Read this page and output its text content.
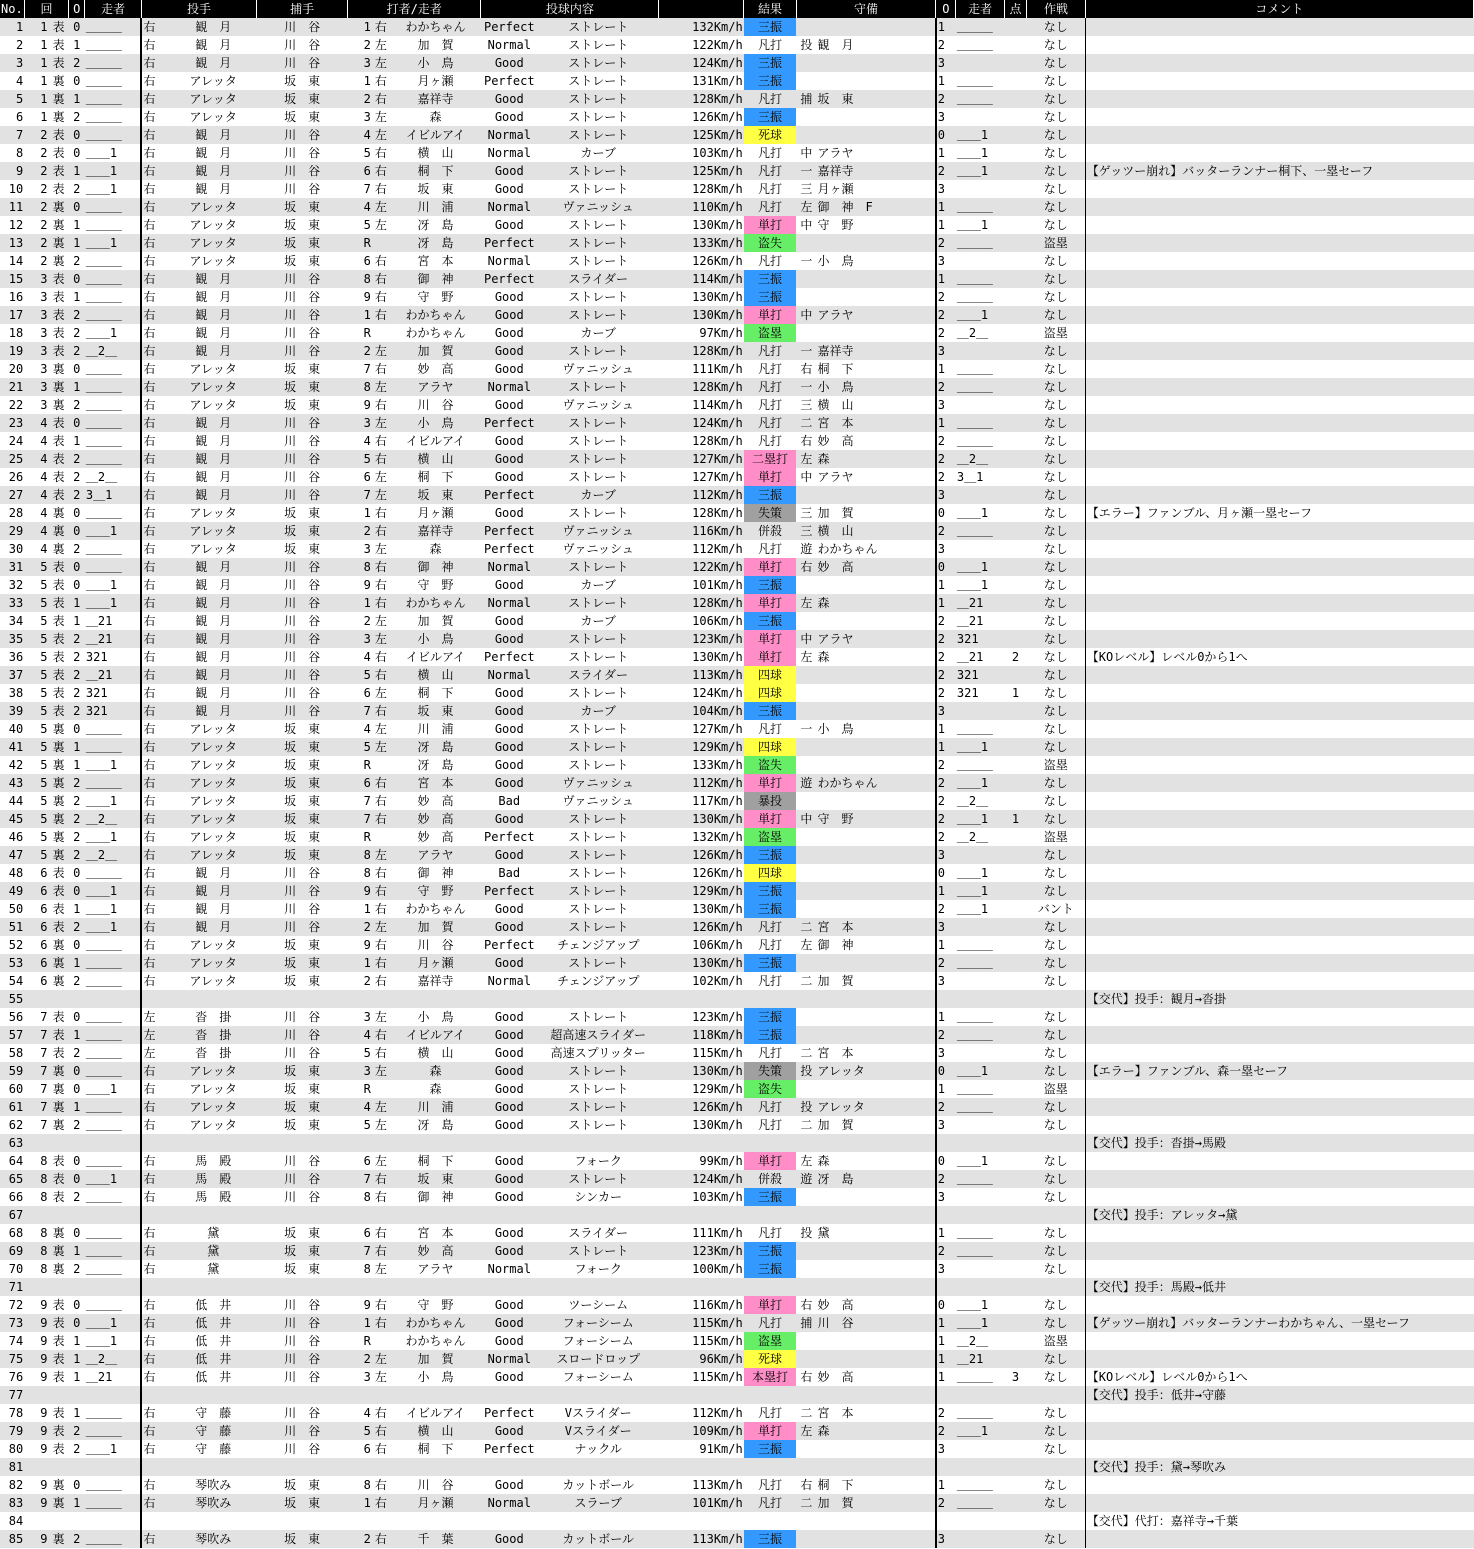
No.	回		O	走者	投手		捕手	打者/走者			投球内容			結果	守備		O	走者	点	作戦	コメント
1	1	表	0	＿＿＿	右	観　月	川　谷	1	右	わかちゃん	Perfect	ストレート	132Km/h	三振			1	＿＿＿		なし	
2	1	表	1	＿＿＿	右	観　月	川　谷	2	左	加　賀	Normal	ストレート	122Km/h	凡打	投	観　月	2	＿＿＿		なし	
3	1	表	2	＿＿＿	右	観　月	川　谷	3	左	小　鳥	Good	ストレート	124Km/h	三振			3			なし	
4	1	裏	0	＿＿＿	右	アレッタ	坂　東	1	右	月ヶ瀬	Perfect	ストレート	131Km/h	三振			1	＿＿＿		なし	
5	1	裏	1	＿＿＿	右	アレッタ	坂　東	2	右	嘉祥寺	Good	ストレート	128Km/h	凡打	捕	坂　東	2	＿＿＿		なし	
6	1	裏	2	＿＿＿	右	アレッタ	坂　東	3	左	森	Good	ストレート	126Km/h	三振			3			なし	
7	2	表	0	＿＿＿	右	観　月	川　谷	4	左	イビルアイ	Normal	ストレート	125Km/h	死球			0	＿＿1		なし	
8	2	表	0	＿＿1	右	観　月	川　谷	5	右	横　山	Normal	カーブ	103Km/h	凡打	中	アラヤ	1	＿＿1		なし	
9	2	表	1	＿＿1	右	観　月	川　谷	6	右	桐　下	Good	ストレート	125Km/h	凡打	一	嘉祥寺	2	＿＿1		なし	【ゲッツー崩れ】バッターランナー桐下、一塁セーフ
10	2	表	2	＿＿1	右	観　月	川　谷	7	右	坂　東	Good	ストレート	128Km/h	凡打	三	月ヶ瀬	3			なし	
11	2	裏	0	＿＿＿	右	アレッタ	坂　東	4	左	川　浦	Normal	ヴァニッシュ	110Km/h	凡打	左	御　神　F	1	＿＿＿		なし	
12	2	裏	1	＿＿＿	右	アレッタ	坂　東	5	左	冴　島	Good	ストレート	130Km/h	単打	中	守　野	1	＿＿1		なし	
13	2	裏	1	＿＿1	右	アレッタ	坂　東	R		冴　島	Perfect	ストレート	133Km/h	盗失			2	＿＿＿		盗塁	
14	2	裏	2	＿＿＿	右	アレッタ	坂　東	6	右	宮　本	Normal	ストレート	126Km/h	凡打	一	小　鳥	3			なし	
15	3	表	0	＿＿＿	右	観　月	川　谷	8	右	御　神	Perfect	スライダー	114Km/h	三振			1	＿＿＿		なし	
16	3	表	1	＿＿＿	右	観　月	川　谷	9	右	守　野	Good	ストレート	130Km/h	三振			2	＿＿＿		なし	
17	3	表	2	＿＿＿	右	観　月	川　谷	1	右	わかちゃん	Good	ストレート	130Km/h	単打	中	アラヤ	2	＿＿1		なし	
18	3	表	2	＿＿1	右	観　月	川　谷	R		わかちゃん	Good	カーブ	97Km/h	盗塁			2	＿2＿		盗塁	
19	3	表	2	＿2＿	右	観　月	川　谷	2	左	加　賀	Good	ストレート	128Km/h	凡打	一	嘉祥寺	3			なし	
20	3	裏	0	＿＿＿	右	アレッタ	坂　東	7	右	妙　高	Good	ヴァニッシュ	111Km/h	凡打	右	桐　下	1	＿＿＿		なし	
21	3	裏	1	＿＿＿	右	アレッタ	坂　東	8	左	アラヤ	Normal	ストレート	128Km/h	凡打	一	小　鳥	2	＿＿＿		なし	
22	3	裏	2	＿＿＿	右	アレッタ	坂　東	9	右	川　谷	Good	ヴァニッシュ	114Km/h	凡打	三	横　山	3			なし	
23	4	表	0	＿＿＿	右	観　月	川　谷	3	左	小　鳥	Perfect	ストレート	124Km/h	凡打	二	宮　本	1	＿＿＿		なし	
24	4	表	1	＿＿＿	右	観　月	川　谷	4	右	イビルアイ	Good	ストレート	128Km/h	凡打	右	妙　高	2	＿＿＿		なし	
25	4	表	2	＿＿＿	右	観　月	川　谷	5	右	横　山	Good	ストレート	127Km/h	二塁打	左	森	2	＿2＿		なし	
26	4	表	2	＿2＿	右	観　月	川　谷	6	左	桐　下	Good	ストレート	127Km/h	単打	中	アラヤ	2	3＿1		なし	
27	4	表	2	3＿1	右	観　月	川　谷	7	左	坂　東	Perfect	カーブ	112Km/h	三振			3			なし	
28	4	裏	0	＿＿＿	右	アレッタ	坂　東	1	右	月ヶ瀬	Good	ストレート	128Km/h	失策	三	加　賀	0	＿＿1		なし	【エラー】ファンブル、月ヶ瀬一塁セーフ
29	4	裏	0	＿＿1	右	アレッタ	坂　東	2	右	嘉祥寺	Perfect	ヴァニッシュ	116Km/h	併殺	三	横　山	2	＿＿＿		なし	
30	4	裏	2	＿＿＿	右	アレッタ	坂　東	3	左	森	Perfect	ヴァニッシュ	112Km/h	凡打	遊	わかちゃん	3			なし	
31	5	表	0	＿＿＿	右	観　月	川　谷	8	右	御　神	Normal	ストレート	122Km/h	単打	右	妙　高	0	＿＿1		なし	
32	5	表	0	＿＿1	右	観　月	川　谷	9	右	守　野	Good	カーブ	101Km/h	三振			1	＿＿1		なし	
33	5	表	1	＿＿1	右	観　月	川　谷	1	右	わかちゃん	Normal	ストレート	128Km/h	単打	左	森	1	＿21		なし	
34	5	表	1	＿21	右	観　月	川　谷	2	左	加　賀	Good	カーブ	106Km/h	三振			2	＿21		なし	
35	5	表	2	＿21	右	観　月	川　谷	3	左	小　鳥	Good	ストレート	123Km/h	単打	中	アラヤ	2	321		なし	
36	5	表	2	321	右	観　月	川　谷	4	右	イビルアイ	Perfect	ストレート	130Km/h	単打	左	森	2	＿21	2	なし	【KOレベル】レベル0から1へ
37	5	表	2	＿21	右	観　月	川　谷	5	右	横　山	Normal	スライダー	113Km/h	四球			2	321		なし	
38	5	表	2	321	右	観　月	川　谷	6	左	桐　下	Good	ストレート	124Km/h	四球			2	321	1	なし	
39	5	表	2	321	右	観　月	川　谷	7	右	坂　東	Good	カーブ	104Km/h	三振			3			なし	
40	5	裏	0	＿＿＿	右	アレッタ	坂　東	4	左	川　浦	Good	ストレート	127Km/h	凡打	一	小　鳥	1	＿＿＿		なし	
41	5	裏	1	＿＿＿	右	アレッタ	坂　東	5	左	冴　島	Good	ストレート	129Km/h	四球			1	＿＿1		なし	
42	5	裏	1	＿＿1	右	アレッタ	坂　東	R		冴　島	Good	ストレート	133Km/h	盗失			2	＿＿＿		盗塁	
43	5	裏	2	＿＿＿	右	アレッタ	坂　東	6	右	宮　本	Good	ヴァニッシュ	112Km/h	単打	遊	わかちゃん	2	＿＿1		なし	
44	5	裏	2	＿＿1	右	アレッタ	坂　東	7	右	妙　高	Bad	ヴァニッシュ	117Km/h	暴投			2	＿2＿		なし	
45	5	裏	2	＿2＿	右	アレッタ	坂　東	7	右	妙　高	Good	ストレート	130Km/h	単打	中	守　野	2	＿＿1	1	なし	
46	5	裏	2	＿＿1	右	アレッタ	坂　東	R		妙　高	Perfect	ストレート	132Km/h	盗塁			2	＿2＿		盗塁	
47	5	裏	2	＿2＿	右	アレッタ	坂　東	8	左	アラヤ	Good	ストレート	126Km/h	三振			3			なし	
48	6	表	0	＿＿＿	右	観　月	川　谷	8	右	御　神	Bad	ストレート	126Km/h	四球			0	＿＿1		なし	
49	6	表	0	＿＿1	右	観　月	川　谷	9	右	守　野	Perfect	ストレート	129Km/h	三振			1	＿＿1		なし	
50	6	表	1	＿＿1	右	観　月	川　谷	1	右	わかちゃん	Good	ストレート	130Km/h	三振			2	＿＿1		バント	
51	6	表	2	＿＿1	右	観　月	川　谷	2	左	加　賀	Good	ストレート	126Km/h	凡打	二	宮　本	3			なし	
52	6	裏	0	＿＿＿	右	アレッタ	坂　東	9	右	川　谷	Perfect	チェンジアップ	106Km/h	凡打	左	御　神	1	＿＿＿		なし	
53	6	裏	1	＿＿＿	右	アレッタ	坂　東	1	右	月ヶ瀬	Good	ストレート	130Km/h	三振			2	＿＿＿		なし	
54	6	裏	2	＿＿＿	右	アレッタ	坂　東	2	右	嘉祥寺	Normal	チェンジアップ	102Km/h	凡打	二	加　賀	3			なし	
55																					【交代】投手：観月→沓掛
56	7	表	0	＿＿＿	左	沓　掛	川　谷	3	左	小　鳥	Good	ストレート	123Km/h	三振			1	＿＿＿		なし	
57	7	表	1	＿＿＿	左	沓　掛	川　谷	4	右	イビルアイ	Good	超高速スライダー	118Km/h	三振			2	＿＿＿		なし	
58	7	表	2	＿＿＿	左	沓　掛	川　谷	5	右	横　山	Good	高速スプリッター	115Km/h	凡打	二	宮　本	3			なし	
59	7	裏	0	＿＿＿	右	アレッタ	坂　東	3	左	森	Good	ストレート	130Km/h	失策	投	アレッタ	0	＿＿1		なし	【エラー】ファンブル、森一塁セーフ
60	7	裏	0	＿＿1	右	アレッタ	坂　東	R		森	Good	ストレート	129Km/h	盗失			1	＿＿＿		盗塁	
61	7	裏	1	＿＿＿	右	アレッタ	坂　東	4	左	川　浦	Good	ストレート	126Km/h	凡打	投	アレッタ	2	＿＿＿		なし	
62	7	裏	2	＿＿＿	右	アレッタ	坂　東	5	左	冴　島	Good	ストレート	130Km/h	凡打	二	加　賀	3			なし	
63																					【交代】投手：沓掛→馬殿
64	8	表	0	＿＿＿	右	馬　殿	川　谷	6	左	桐　下	Good	フォーク	99Km/h	単打	左	森	0	＿＿1		なし	
65	8	表	0	＿＿1	右	馬　殿	川　谷	7	右	坂　東	Good	ストレート	124Km/h	併殺	遊	冴　島	2	＿＿＿		なし	
66	8	表	2	＿＿＿	右	馬　殿	川　谷	8	右	御　神	Good	シンカー	103Km/h	三振			3			なし	
67																					【交代】投手：アレッタ→黛
68	8	裏	0	＿＿＿	右	黛	坂　東	6	右	宮　本	Good	スライダー	111Km/h	凡打	投	黛	1	＿＿＿		なし	
69	8	裏	1	＿＿＿	右	黛	坂　東	7	右	妙　高	Good	ストレート	123Km/h	三振			2	＿＿＿		なし	
70	8	裏	2	＿＿＿	右	黛	坂　東	8	左	アラヤ	Normal	フォーク	100Km/h	三振			3			なし	
71																					【交代】投手：馬殿→低井
72	9	表	0	＿＿＿	右	低　井	川　谷	9	右	守　野	Good	ツーシーム	116Km/h	単打	右	妙　高	0	＿＿1		なし	
73	9	表	0	＿＿1	右	低　井	川　谷	1	右	わかちゃん	Good	フォーシーム	115Km/h	凡打	捕	川　谷	1	＿＿1		なし	【ゲッツー崩れ】バッターランナーわかちゃん、一塁セーフ
74	9	表	1	＿＿1	右	低　井	川　谷	R		わかちゃん	Good	フォーシーム	115Km/h	盗塁			1	＿2＿		盗塁	
75	9	表	1	＿2＿	右	低　井	川　谷	2	左	加　賀	Normal	スロードロップ	96Km/h	死球			1	＿21		なし	
76	9	表	1	＿21	右	低　井	川　谷	3	左	小　鳥	Good	フォーシーム	115Km/h	本塁打	右	妙　高	1	＿＿＿	3	なし	【KOレベル】レベル0から1へ
77																					【交代】投手：低井→守藤
78	9	表	1	＿＿＿	右	守　藤	川　谷	4	右	イビルアイ	Perfect	Vスライダー	112Km/h	凡打	二	宮　本	2	＿＿＿		なし	
79	9	表	2	＿＿＿	右	守　藤	川　谷	5	右	横　山	Good	Vスライダー	109Km/h	単打	左	森	2	＿＿1		なし	
80	9	表	2	＿＿1	右	守　藤	川　谷	6	右	桐　下	Perfect	ナックル	91Km/h	三振			3			なし	
81																					【交代】投手：黛→琴吹み
82	9	裏	0	＿＿＿	右	琴吹み	坂　東	8	右	川　谷	Good	カットボール	113Km/h	凡打	右	桐　下	1	＿＿＿		なし	
83	9	裏	1	＿＿＿	右	琴吹み	坂　東	1	右	月ヶ瀬	Normal	スラーブ	101Km/h	凡打	二	加　賀	2	＿＿＿		なし	
84																					【交代】代打：嘉祥寺→千葉
85	9	裏	2	＿＿＿	右	琴吹み	坂　東	2	右	千　葉	Good	カットボール	113Km/h	三振			3			なし	
